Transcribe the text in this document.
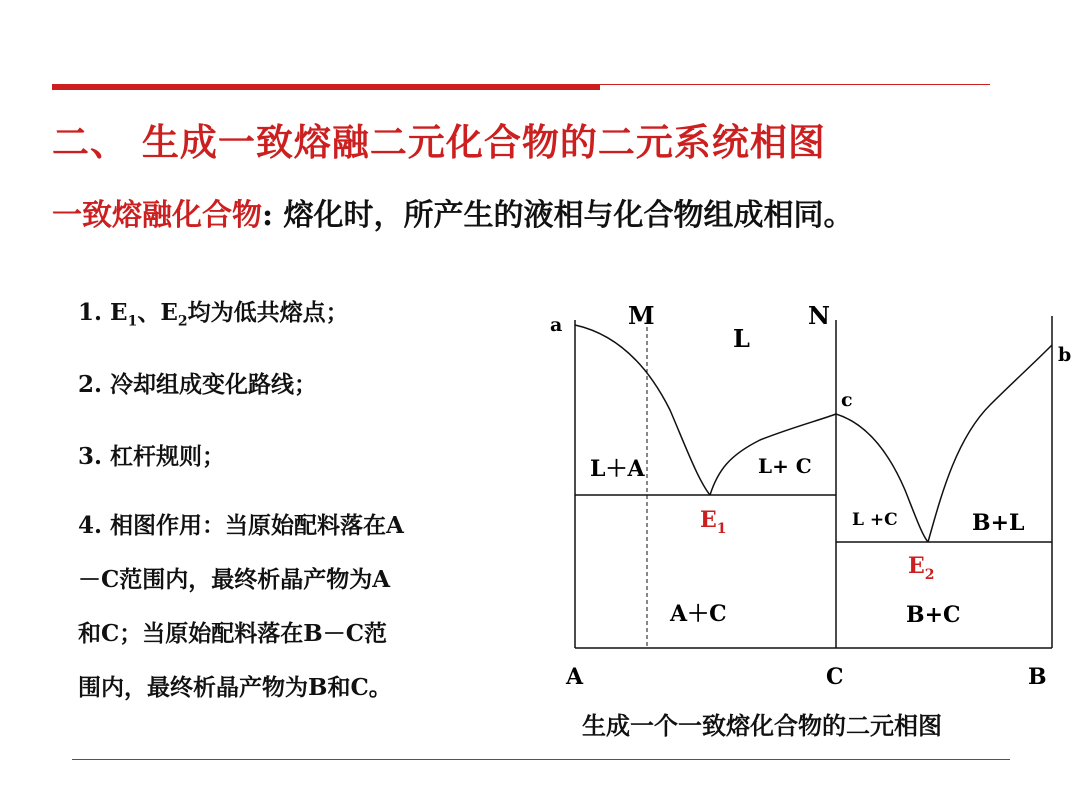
二、 生成一致熔融二元化合物的二元系统相图
一致熔融化合物: 熔化时，所产生的液相与化合物组成相同。
1. $E_1$、$E_2$均为低共熔点；
2. 冷却组成变化路线；
3. 杠杆规则；
4. 相图作用：当原始配料落在A
－C范围内，最终析晶产物为A
和C；当原始配料落在B－C范
围内，最终析晶产物为B和C。
a	M	N
L
b
c
L＋A	L+ C
L +C	B+L
$E_1$
$E_2$
A＋C	B+C
A	C	B
生成一个一致熔化合物的二元相图
